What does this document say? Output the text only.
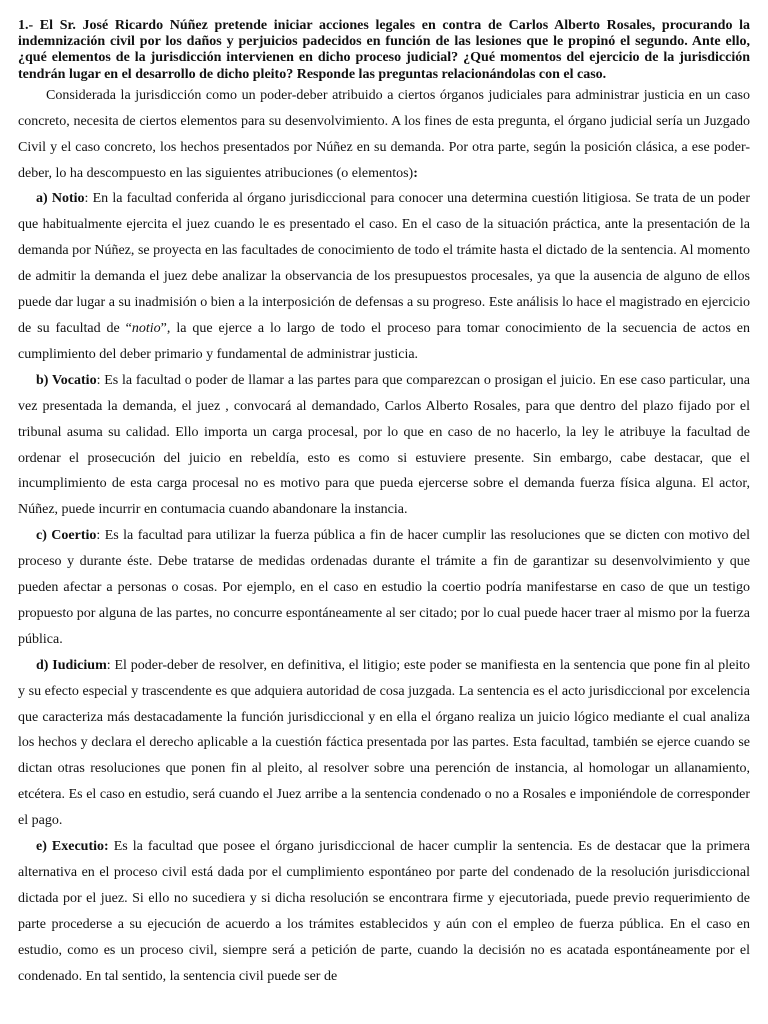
1.- El Sr. José Ricardo Núñez pretende iniciar acciones legales en contra de Carlos Alberto Rosales, procurando la indemnización civil por los daños y perjuicios padecidos en función de las lesiones que le propinó el segundo. Ante ello, ¿qué elementos de la jurisdicción intervienen en dicho proceso judicial? ¿Qué momentos del ejercicio de la jurisdicción tendrán lugar en el desarrollo de dicho pleito? Responde las preguntas relacionándolas con el caso.

Considerada la jurisdicción como un poder-deber atribuido a ciertos órganos judiciales para administrar justicia en un caso concreto, necesita de ciertos elementos para su desenvolvimiento. A los fines de esta pregunta, el órgano judicial sería un Juzgado Civil y el caso concreto, los hechos presentados por Núñez en su demanda. Por otra parte, según la posición clásica, a ese poder-deber, lo ha descompuesto en las siguientes atribuciones (o elementos):

a) Notio: En la facultad conferida al órgano jurisdiccional para conocer una determina cuestión litigiosa. Se trata de un poder que habitualmente ejercita el juez cuando le es presentado el caso. En el caso de la situación práctica, ante la presentación de la demanda por Núñez, se proyecta en las facultades de conocimiento de todo el trámite hasta el dictado de la sentencia. Al momento de admitir la demanda el juez debe analizar la observancia de los presupuestos procesales, ya que la ausencia de alguno de ellos puede dar lugar a su inadmisión o bien a la interposición de defensas a su progreso. Este análisis lo hace el magistrado en ejercicio de su facultad de “notio”, la que ejerce a lo largo de todo el proceso para tomar conocimiento de la secuencia de actos en cumplimiento del deber primario y fundamental de administrar justicia.

b) Vocatio: Es la facultad o poder de llamar a las partes para que comparezcan o prosigan el juicio. En ese caso particular, una vez presentada la demanda, el juez , convocará al demandado, Carlos Alberto Rosales, para que dentro del plazo fijado por el tribunal asuma su calidad. Ello importa un carga procesal, por lo que en caso de no hacerlo, la ley le atribuye la facultad de ordenar el prosecución del juicio en rebeldía, esto es como si estuviere presente. Sin embargo, cabe destacar, que el incumplimiento de esta carga procesal no es motivo para que pueda ejercerse sobre el demanda fuerza física alguna. El actor, Núñez, puede incurrir en contumacia cuando abandonare la instancia.

c) Coertio: Es la facultad para utilizar la fuerza pública a fin de hacer cumplir las resoluciones que se dicten con motivo del proceso y durante éste. Debe tratarse de medidas ordenadas durante el trámite a fin de garantizar su desenvolvimiento y que pueden afectar a personas o cosas. Por ejemplo, en el caso en estudio la coertio podría manifestarse en caso de que un testigo propuesto por alguna de las partes, no concurre espontáneamente al ser citado; por lo cual puede hacer traer al mismo por la fuerza pública.

d) Iudicium: El poder-deber de resolver, en definitiva, el litigio; este poder se manifiesta en la sentencia que pone fin al pleito y su efecto especial y trascendente es que adquiera autoridad de cosa juzgada. La sentencia es el acto jurisdiccional por excelencia que caracteriza más destacadamente la función jurisdiccional y en ella el órgano realiza un juicio lógico mediante el cual analiza los hechos y declara el derecho aplicable a la cuestión fáctica presentada por las partes. Esta facultad, también se ejerce cuando se dictan otras resoluciones que ponen fin al pleito, al resolver sobre una perención de instancia, al homologar un allanamiento, etcétera. Es el caso en estudio, será cuando el Juez arribe a la sentencia condenado o no a Rosales e imponiéndole de corresponder el pago.

e) Executio: Es la facultad que posee el órgano jurisdiccional de hacer cumplir la sentencia. Es de destacar que la primera alternativa en el proceso civil está dada por el cumplimiento espontáneo por parte del condenado de la resolución jurisdiccional dictada por el juez. Si ello no sucediera y si dicha resolución se encontrara firme y ejecutoriada, puede previo requerimiento de parte procederse a su ejecución de acuerdo a los trámites establecidos y aún con el empleo de fuerza pública. En el caso en estudio, como es un proceso civil, siempre será a petición de parte, cuando la decisión no es acatada espontáneamente por el condenado. En tal sentido, la sentencia civil puede ser de
